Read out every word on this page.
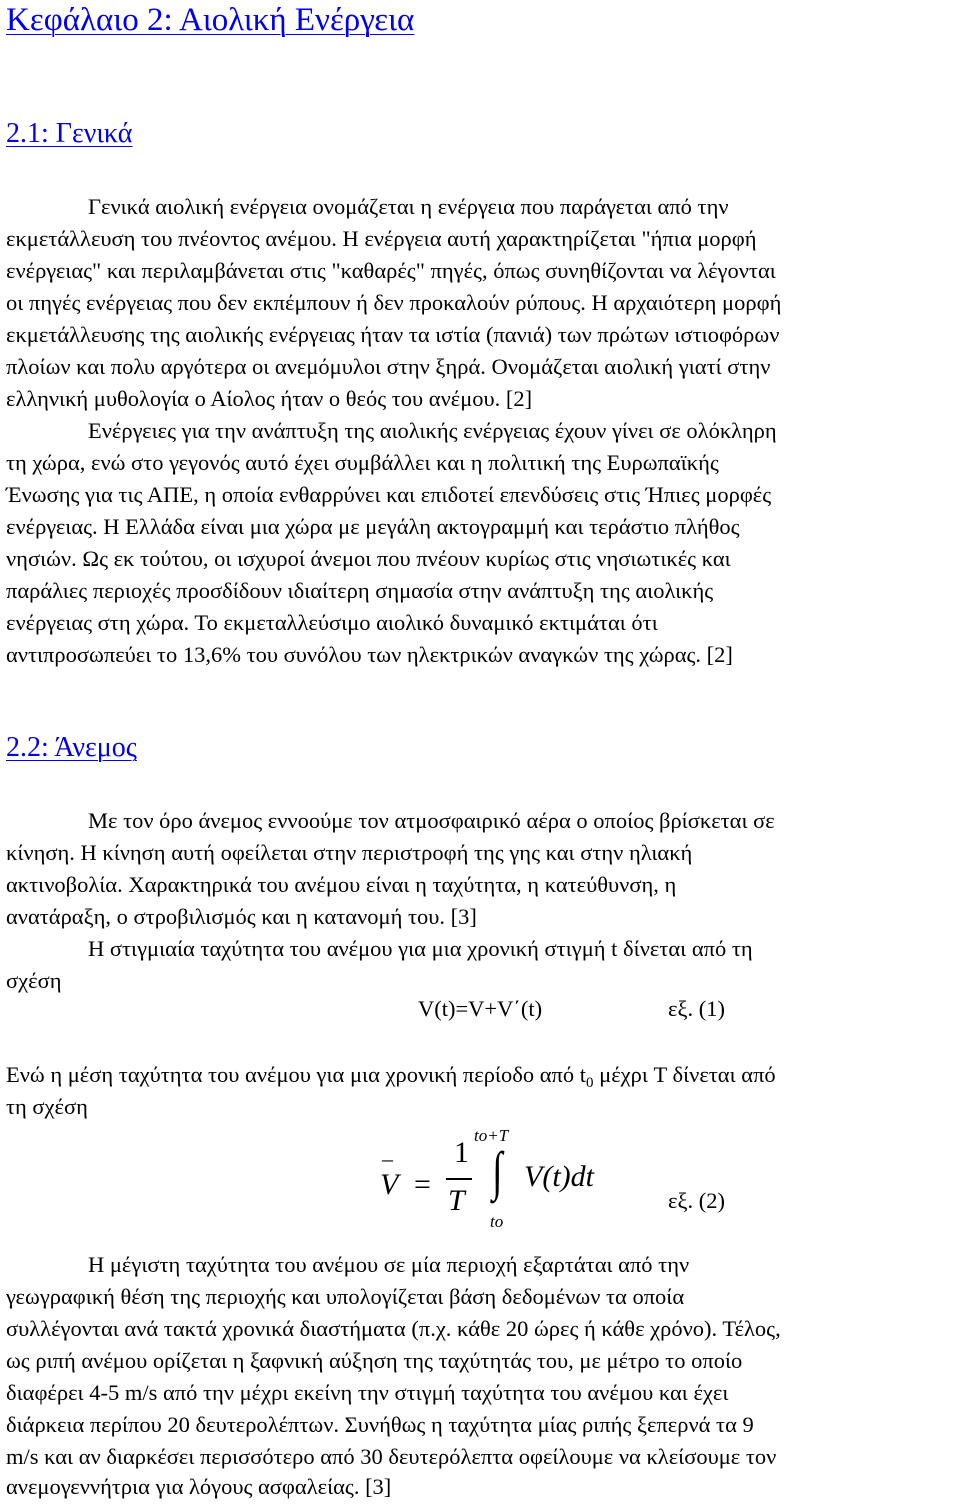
Κεφάλαιο 2: Αιολική Ενέργεια
2.1: Γενικά
Γενικά αιολική ενέργεια ονομάζεται η ενέργεια που παράγεται από την
εκμετάλλευση του πνέοντος ανέμου. Η ενέργεια αυτή χαρακτηρίζεται "ήπια μορφή
ενέργειας" και περιλαμβάνεται στις "καθαρές" πηγές, όπως συνηθίζονται να λέγονται
οι πηγές ενέργειας που δεν εκπέμπουν ή δεν προκαλούν ρύπους. Η αρχαιότερη μορφή
εκμετάλλευσης της αιολικής ενέργειας ήταν τα ιστία (πανιά) των πρώτων ιστιοφόρων
πλοίων και πολυ αργότερα οι ανεμόμυλοι στην ξηρά. Ονομάζεται αιολική γιατί στην
ελληνική μυθολογία ο Αίολος ήταν ο θεός του ανέμου. [2]
Ενέργειες για την ανάπτυξη της αιολικής ενέργειας έχουν γίνει σε ολόκληρη
τη χώρα, ενώ στο γεγονός αυτό έχει συμβάλλει και η πολιτική της Ευρωπαϊκής
Ένωσης για τις ΑΠΕ, η οποία ενθαρρύνει και επιδοτεί επενδύσεις στις Ήπιες μορφές
ενέργειας. Η Ελλάδα είναι μια χώρα με μεγάλη ακτογραμμή και τεράστιο πλήθος
νησιών. Ως εκ τούτου, οι ισχυροί άνεμοι που πνέουν κυρίως στις νησιωτικές και
παράλιες περιοχές προσδίδουν ιδιαίτερη σημασία στην ανάπτυξη της αιολικής
ενέργειας στη χώρα. Το εκμεταλλεύσιμο αιολικό δυναμικό εκτιμάται ότι
αντιπροσωπεύει το 13,6% του συνόλου των ηλεκτρικών αναγκών της χώρας. [2]
2.2: Άνεμος
Με τον όρο άνεμος εννοούμε τον ατμοσφαιρικό αέρα ο οποίος βρίσκεται σε
κίνηση. Η κίνηση αυτή οφείλεται στην περιστροφή της γης και στην ηλιακή
ακτινοβολία. Χαρακτηρικά του ανέμου είναι η ταχύτητα, η κατεύθυνση, η
ανατάραξη, ο στροβιλισμός και η κατανομή του. [3]
Η στιγμιαία ταχύτητα του ανέμου για μια χρονική στιγμή t δίνεται από τη
σχέση
V(t)=V+V΄(t)	εξ. (1)
Ενώ η μέση ταχύτητα του ανέμου για μια χρονική περίοδο από $t_0$ μέχρι T δίνεται από
τη σχέση
–
V =
1
T
to+T
∫
to
V(t)dt
εξ. (2)
Η μέγιστη ταχύτητα του ανέμου σε μία περιοχή εξαρτάται από την
γεωγραφική θέση της περιοχής και υπολογίζεται βάση δεδομένων τα οποία
συλλέγονται ανά τακτά χρονικά διαστήματα (π.χ. κάθε 20 ώρες ή κάθε χρόνο). Τέλος,
ως ριπή ανέμου ορίζεται η ξαφνική αύξηση της ταχύτητάς του, με μέτρο το οποίο
διαφέρει 4-5 m/s από την μέχρι εκείνη την στιγμή ταχύτητα του ανέμου και έχει
διάρκεια περίπου 20 δευτερολέπτων. Συνήθως η ταχύτητα μίας ριπής ξεπερνά τα 9
m/s και αν διαρκέσει περισσότερο από 30 δευτερόλεπτα οφείλουμε να κλείσουμε τον
ανεμογεννήτρια για λόγους ασφαλείας. [3]
